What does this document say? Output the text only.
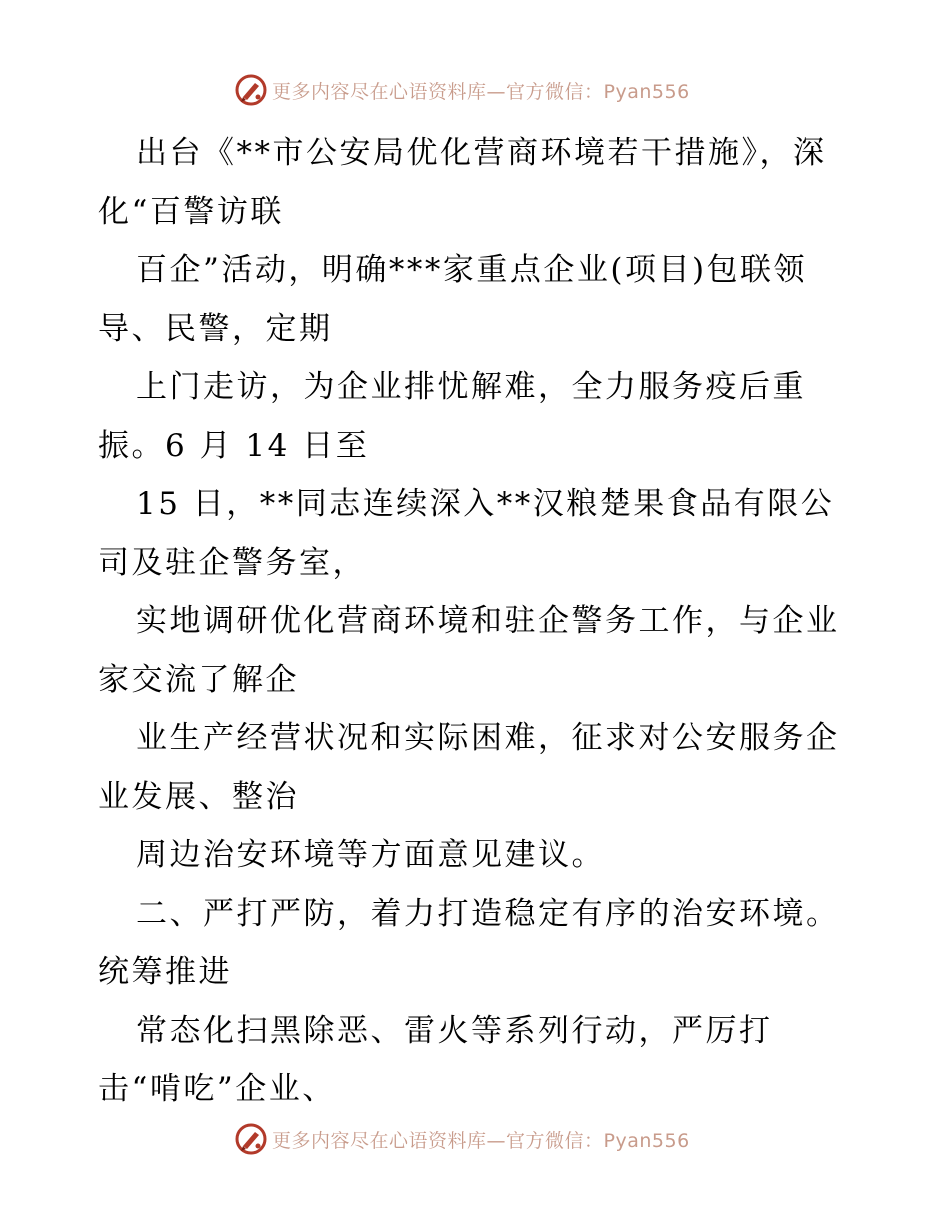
更多内容尽在心语资料库—官方微信：Pyan556
出台《**市公安局优化营商环境若干措施》，深
化“百警访联
百企”活动，明确***家重点企业(项目)包联领
导、民警，定期
上门走访，为企业排忧解难，全力服务疫后重
振。6 月 14 日至
15 日，**同志连续深入**汉粮楚果食品有限公
司及驻企警务室，
实地调研优化营商环境和驻企警务工作，与企业
家交流了解企
业生产经营状况和实际困难，征求对公安服务企
业发展、整治
周边治安环境等方面意见建议。
二、严打严防，着力打造稳定有序的治安环境。
统筹推进
常态化扫黑除恶、雷火等系列行动，严厉打
击“啃吃”企业、
更多内容尽在心语资料库—官方微信：Pyan556
